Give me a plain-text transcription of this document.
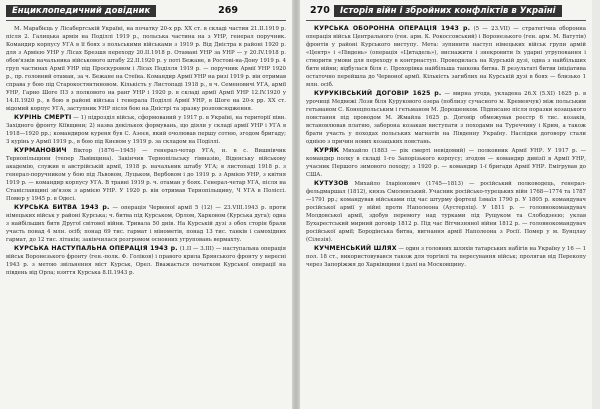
Енциклопедичний довідник	269

М. Марабієць у Лісабергській Україні, на початку 20-х рр. XX ст. в складі частин 21.II.1919 р. після 2. Галицька армія на Поділлі 1919 р., польська частина на з УНР, генерал поручник. Командир корпусу УГА в її боях з польськими військами з 1919 р. Від Дністра в районі 1920 р. для з Армією УНР у Лісах Брезшя переходу 20.II.1918 р. Отамані УНР за УНР — у 20.IV.1918 р. обов'язків начальника військового штабу 22.II.1920 р. у поті Бежане, в Ростові-на-Дону 1919 р. 4 груп частинах Армії УНР під Проскуровом і Лісах Поділля 1919 р. — поручник Армії УНР 1920 р., пр. головний отаман, за ч. Бежане на Стеїна. Командир Армії УНР на ризі 1919 р. він отримав справа у бою під Старокостянтиновом. Кількість у Листопаді 1918 р., в ч. Семеновичі УГА, армії УНР, Гарно Шоге ПЗ з полкового на ранг УНР і 1920 р. в складі армії Армії УНР 12.IV.1920 у 14.II.1920 р., в бою в районі війська і генерала Поділлі Армії УНР, в Шоге на 20-х рр. XX ст. відомий корпус УГА, заступник УНР після бою на Дністрі та зразку розповсюдження.

КУРІНЬ СМЕРТІ — 1) підрозділ військ, сформований у 1917 р. в Україні, на території півн. Західного фронту Кіївщини; 2) назва декількох формувань, що діяли у складі армії УНР і УГА в 1918—1920 рр.; командиром куреня був С. Азеєв, який очолював першу сотню, згодом бригаду; З курінь у Армії 1919 р., в бою під Києвом у 1919 р. за складом на Поділлі.

КУРМАНОВИЧ Віктор (1876—1945) — генерал-чотар УГА, н. в с. Вишнівчик Тернопільщини (тепер Львівщина). Закінчив Тернопільську гімназію, Віденську військову академію, служив в австрійській армії, 1918 р. начальник штабу УГА; в листопаді 1918 р. з генерал-поручником у бою під Львовом, Луцьком, Вербовом і до 1919 р. з Армією УНР, з квітня 1919 р. — командир корпусу УГА. В травні 1919 р. ч. отаман у боях. Генерал-четар УГА, після на Станіславщині зв'язок з армією УНР. У 1920 р. він отримав Тернопільщину, Ч УГА в Поліссі. Помер у 1945 р. в Одесі.

КУРСЬКА БИТВА 1943 р. — операція Червоної армії 5 (12) — 23.VIII.1943 р. проти німецьких військ у районі Курська; ч. битва під Курськом, Орлом, Харковом (Курська дуга); одна з найбільших битв Другої світової війни. Тривала 50 днів. На Курській дузі з обох сторін брали участь понад 4 млн. осіб; понад 69 тис. гармат і мінометів, понад 13 тис. танків і самохідних гармат, до 12 тис. літаків; закінчилася розгромом основних угруповань вермахту.

КУРСЬКА НАСТУПАЛЬНА ОПЕРАЦІЯ 1943 р. (1.II — 3.III) — наступальна операція військ Воронезького фронту (ген.-полк. Ф. Голіков) і правого крила Брянського фронту у вересні 1943 р. з метою звільнення міст Курськ, Орел. Вважається початком Курської операції на південь від Орла; взяття Курська 8.II.1943 р.

270	Історія війн і збройних конфліктів в Україні

КУРСЬКА ОБОРОННА ОПЕРАЦІЯ 1943 р. (5 — 23.VII) — стратегічна оборонна операція військ Центрального (ген. арм. К. Рокоссовський) і Воронезького (ген. арм. М. Ватутін) фронтів у районі Курського виступу. Мета: зупинити наступ німецьких військ групи армій «Центр» і «Південь» (операція «Цитадель»), виснажити і знекровити їх ударні угруповання і створити умови для переходу в контрнаступ. Проводилась на Курській дузі, одна з найбільших битв війни; відбулася біля с. Прохорівка найбільша танкова битва. В результаті битви ініціатива остаточно перейшла до Червоної армії. Кількість загиблих на Курській дузі в боях — близько 1 млн. осіб.

КУРУКІВСЬКИЙ ДОГОВІР 1625 р. — мирна угода, укладена 26.X (5.XI) 1625 р. в урочищі Медвежі Лози біля Курукового озера (поблизу сучасного м. Кременчук) між польським гетьманом С. Конецпольським і гетьманом М. Дорошенком. Підписано після поразки козацького повстання під проводом М. Жмайла 1625 р. Договір обмежував реєстр 6 тис. козаків, встановлював платню, заборона козакам виступати з походами на Туреччину і Крим, а також брати участь у походах польських магнатів на Південну Україну. Наслідки договору стали однією з причин нових козацьких повстань.

КУРЯК Михайло (1883 — рік смерті невідомий) — полковник Армії УНР. У 1917 р. — командир полку в складі 1-го Запорізького корпусу; згодом — командир дивізії в Армії УНР, учасник Першого зимового походу; з 1920 р. — командир 1-ї бригади Армії УНР. Емігрував до США.

КУТУЗОВ Михайло Іларіонович (1745—1813) — російський полководець, генерал-фельдмаршал (1812), князь Смоленський. Учасник російсько-турецьких війн 1768—1774 та 1787—1791 рр.; командував військами під час штурму фортеці Ізмаїл 1790 р. У 1805 р. командувач російської армії у війні проти Наполеона (Аустерліц). У 1811 р. — головнокомандувач Молдовської армії, здобув перемогу над турками під Рущуком та Слободзеєю; уклав Бухарестський мирний договір 1812 р. Під час Вітчизняної війни 1812 р. — головнокомандувач російської армії; Бородінська битва, вигнання армії Наполеона з Росії. Помер у м. Бунцлау (Сілезія).

КУЧМЕНСЬКИЙ ШЛЯХ — один з головних шляхів татарських набігів на Україну у 16 — 1 пол. 18 ст., використовувався також для торгівлі та пересування військ; пролягав від Перекопу через Запоріжжя до Харківщини і далі на Московщину.
